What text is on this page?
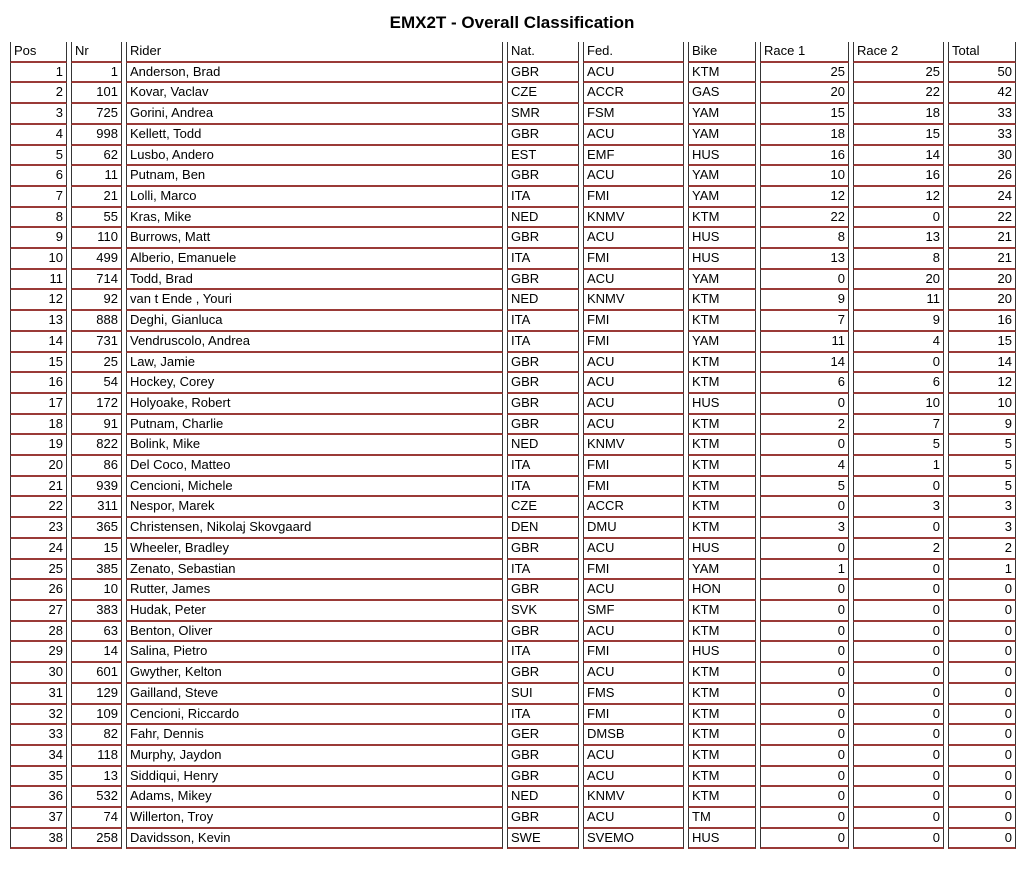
EMX2T - Overall Classification
Pos	Nr	Rider	Nat.	Fed.	Bike	Race 1	Race 2	Total
1	1	Anderson, Brad	GBR	ACU	KTM	25	25	50
2	101	Kovar, Vaclav	CZE	ACCR	GAS	20	22	42
3	725	Gorini, Andrea	SMR	FSM	YAM	15	18	33
4	998	Kellett, Todd	GBR	ACU	YAM	18	15	33
5	62	Lusbo, Andero	EST	EMF	HUS	16	14	30
6	11	Putnam, Ben	GBR	ACU	YAM	10	16	26
7	21	Lolli, Marco	ITA	FMI	YAM	12	12	24
8	55	Kras, Mike	NED	KNMV	KTM	22	0	22
9	110	Burrows, Matt	GBR	ACU	HUS	8	13	21
10	499	Alberio, Emanuele	ITA	FMI	HUS	13	8	21
11	714	Todd, Brad	GBR	ACU	YAM	0	20	20
12	92	van t Ende , Youri	NED	KNMV	KTM	9	11	20
13	888	Deghi, Gianluca	ITA	FMI	KTM	7	9	16
14	731	Vendruscolo, Andrea	ITA	FMI	YAM	11	4	15
15	25	Law, Jamie	GBR	ACU	KTM	14	0	14
16	54	Hockey, Corey	GBR	ACU	KTM	6	6	12
17	172	Holyoake, Robert	GBR	ACU	HUS	0	10	10
18	91	Putnam, Charlie	GBR	ACU	KTM	2	7	9
19	822	Bolink, Mike	NED	KNMV	KTM	0	5	5
20	86	Del Coco, Matteo	ITA	FMI	KTM	4	1	5
21	939	Cencioni, Michele	ITA	FMI	KTM	5	0	5
22	311	Nespor, Marek	CZE	ACCR	KTM	0	3	3
23	365	Christensen, Nikolaj Skovgaard	DEN	DMU	KTM	3	0	3
24	15	Wheeler, Bradley	GBR	ACU	HUS	0	2	2
25	385	Zenato, Sebastian	ITA	FMI	YAM	1	0	1
26	10	Rutter, James	GBR	ACU	HON	0	0	0
27	383	Hudak, Peter	SVK	SMF	KTM	0	0	0
28	63	Benton, Oliver	GBR	ACU	KTM	0	0	0
29	14	Salina, Pietro	ITA	FMI	HUS	0	0	0
30	601	Gwyther, Kelton	GBR	ACU	KTM	0	0	0
31	129	Gailland, Steve	SUI	FMS	KTM	0	0	0
32	109	Cencioni, Riccardo	ITA	FMI	KTM	0	0	0
33	82	Fahr, Dennis	GER	DMSB	KTM	0	0	0
34	118	Murphy, Jaydon	GBR	ACU	KTM	0	0	0
35	13	Siddiqui, Henry	GBR	ACU	KTM	0	0	0
36	532	Adams, Mikey	NED	KNMV	KTM	0	0	0
37	74	Willerton, Troy	GBR	ACU	TM	0	0	0
38	258	Davidsson, Kevin	SWE	SVEMO	HUS	0	0	0
